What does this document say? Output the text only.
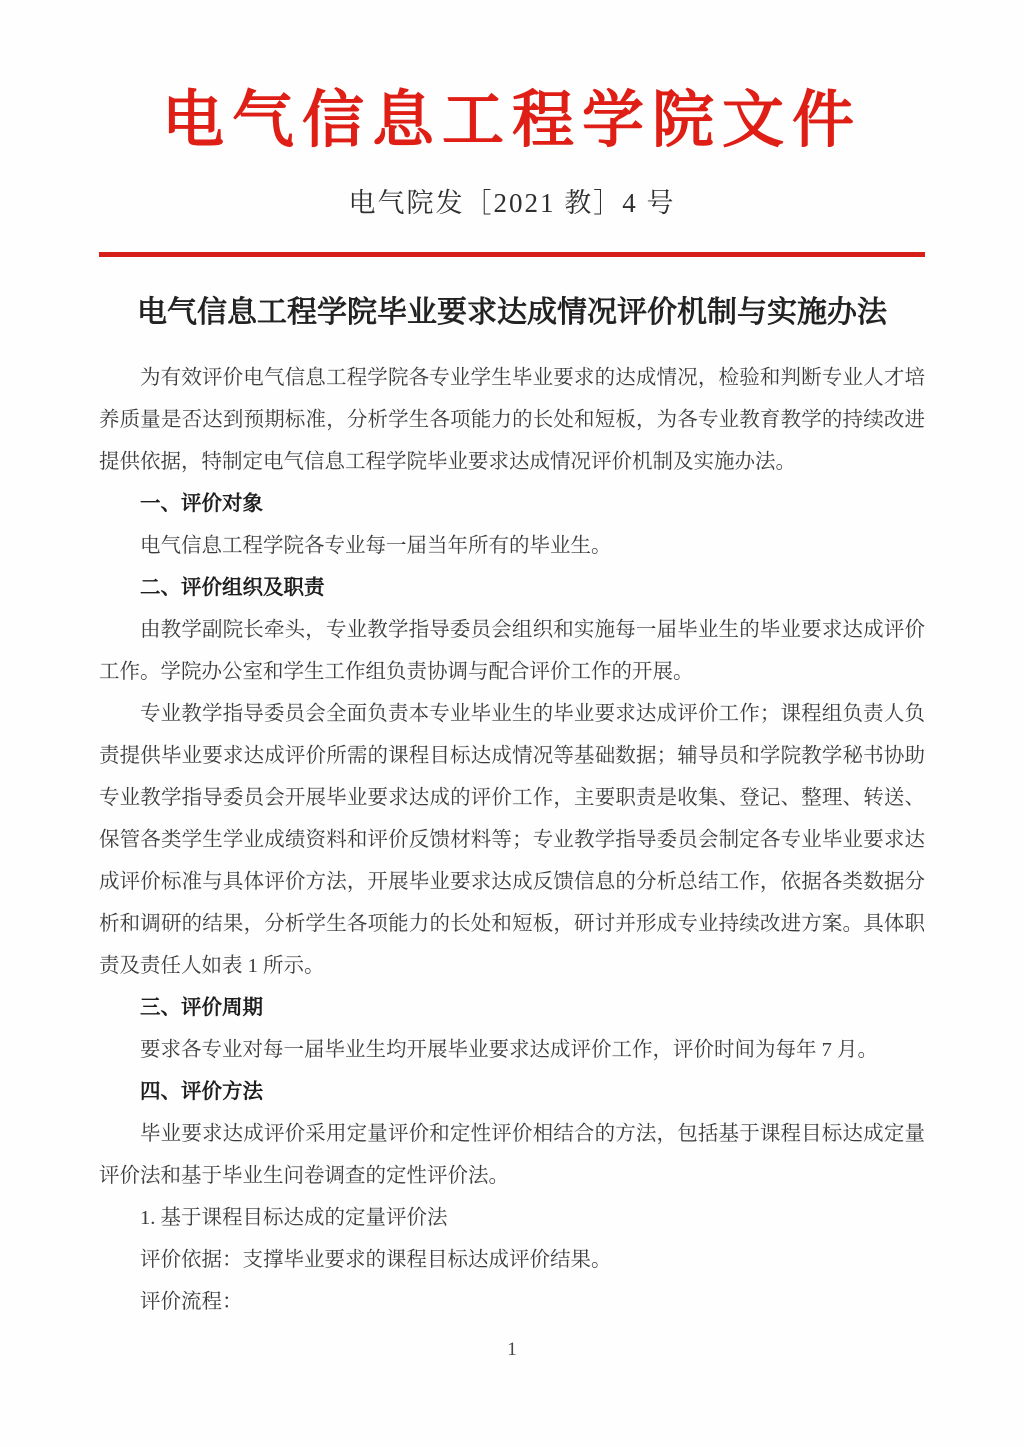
电气信息工程学院文件
电气院发［2021 教］4 号
电气信息工程学院毕业要求达成情况评价机制与实施办法

为有效评价电气信息工程学院各专业学生毕业要求的达成情况，检验和判断专业人才培养质量是否达到预期标准，分析学生各项能力的长处和短板，为各专业教育教学的持续改进提供依据，特制定电气信息工程学院毕业要求达成情况评价机制及实施办法。

一、评价对象

电气信息工程学院各专业每一届当年所有的毕业生。

二、评价组织及职责

由教学副院长牵头，专业教学指导委员会组织和实施每一届毕业生的毕业要求达成评价工作。学院办公室和学生工作组负责协调与配合评价工作的开展。

专业教学指导委员会全面负责本专业毕业生的毕业要求达成评价工作；课程组负责人负责提供毕业要求达成评价所需的课程目标达成情况等基础数据；辅导员和学院教学秘书协助专业教学指导委员会开展毕业要求达成的评价工作，主要职责是收集、登记、整理、转送、保管各类学生学业成绩资料和评价反馈材料等；专业教学指导委员会制定各专业毕业要求达成评价标准与具体评价方法，开展毕业要求达成反馈信息的分析总结工作，依据各类数据分析和调研的结果，分析学生各项能力的长处和短板，研讨并形成专业持续改进方案。具体职责及责任人如表 1 所示。

三、评价周期

要求各专业对每一届毕业生均开展毕业要求达成评价工作，评价时间为每年 7 月。

四、评价方法

毕业要求达成评价采用定量评价和定性评价相结合的方法，包括基于课程目标达成定量评价法和基于毕业生问卷调查的定性评价法。

1. 基于课程目标达成的定量评价法

评价依据：支撑毕业要求的课程目标达成评价结果。

评价流程：

1
